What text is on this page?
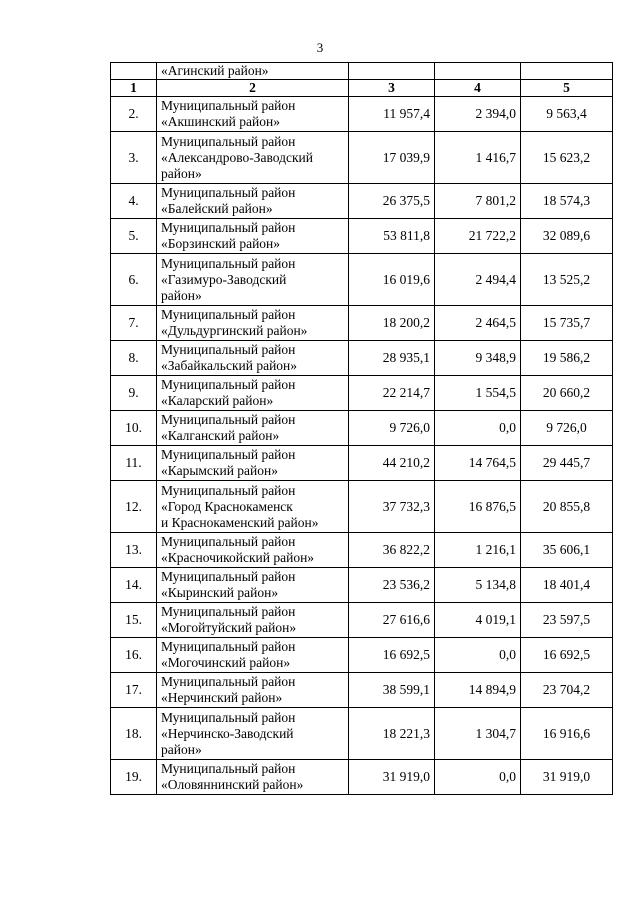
3
	«Агинский район»			
1	2	3	4	5
2.	Муниципальный район
«Акшинский район»	11 957,4	2 394,0	9 563,4
3.	Муниципальный район
«Александрово-Заводский
район»	17 039,9	1 416,7	15 623,2
4.	Муниципальный район
«Балейский район»	26 375,5	7 801,2	18 574,3
5.	Муниципальный район
«Борзинский район»	53 811,8	21 722,2	32 089,6
6.	Муниципальный район
«Газимуро-Заводский
район»	16 019,6	2 494,4	13 525,2
7.	Муниципальный район
«Дульдургинский район»	18 200,2	2 464,5	15 735,7
8.	Муниципальный район
«Забайкальский район»	28 935,1	9 348,9	19 586,2
9.	Муниципальный район
«Каларский район»	22 214,7	1 554,5	20 660,2
10.	Муниципальный район
«Калганский район»	9 726,0	0,0	9 726,0
11.	Муниципальный район
«Карымский район»	44 210,2	14 764,5	29 445,7
12.	Муниципальный район
«Город Краснокаменск
и Краснокаменский район»	37 732,3	16 876,5	20 855,8
13.	Муниципальный район
«Красночикойский район»	36 822,2	1 216,1	35 606,1
14.	Муниципальный район
«Кыринский район»	23 536,2	5 134,8	18 401,4
15.	Муниципальный район
«Могойтуйский район»	27 616,6	4 019,1	23 597,5
16.	Муниципальный район
«Могочинский район»	16 692,5	0,0	16 692,5
17.	Муниципальный район
«Нерчинский район»	38 599,1	14 894,9	23 704,2
18.	Муниципальный район
«Нерчинско-Заводский
район»	18 221,3	1 304,7	16 916,6
19.	Муниципальный район
«Оловяннинский район»	31 919,0	0,0	31 919,0
